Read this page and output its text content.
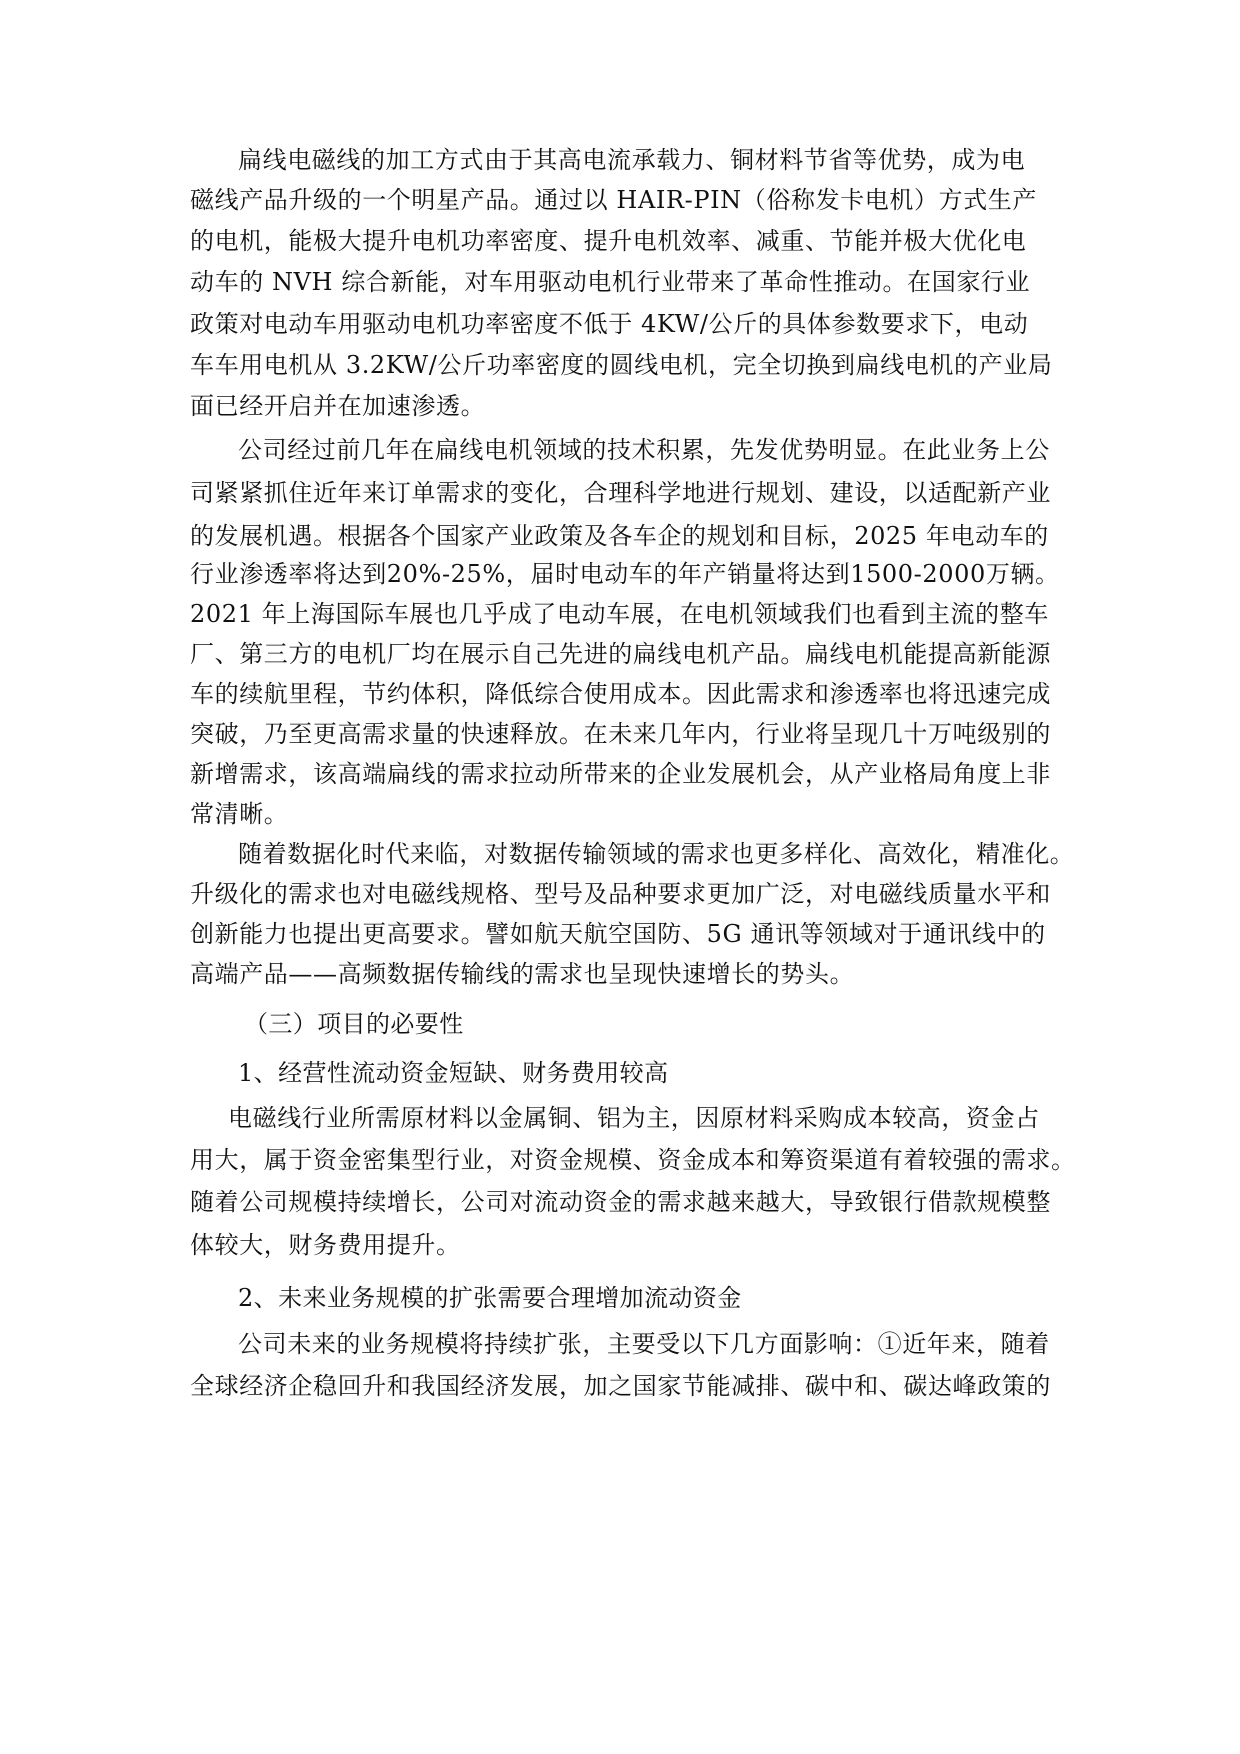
扁线电磁线的加工方式由于其高电流承载力、铜材料节省等优势，成为电
磁线产品升级的一个明星产品。通过以 HAIR-PIN（俗称发卡电机）方式生产
的电机，能极大提升电机功率密度、提升电机效率、减重、节能并极大优化电
动车的 NVH 综合新能，对车用驱动电机行业带来了革命性推动。在国家行业
政策对电动车用驱动电机功率密度不低于 4KW/公斤的具体参数要求下，电动
车车用电机从 3.2KW/公斤功率密度的圆线电机，完全切换到扁线电机的产业局
面已经开启并在加速渗透。
公司经过前几年在扁线电机领域的技术积累，先发优势明显。在此业务上公
司紧紧抓住近年来订单需求的变化，合理科学地进行规划、建设，以适配新产业
的发展机遇。根据各个国家产业政策及各车企的规划和目标，2025 年电动车的
行业渗透率将达到20%-25%，届时电动车的年产销量将达到1500-2000万辆。
2021 年上海国际车展也几乎成了电动车展，在电机领域我们也看到主流的整车
厂、第三方的电机厂均在展示自己先进的扁线电机产品。扁线电机能提高新能源
车的续航里程，节约体积，降低综合使用成本。因此需求和渗透率也将迅速完成
突破，乃至更高需求量的快速释放。在未来几年内，行业将呈现几十万吨级别的
新增需求，该高端扁线的需求拉动所带来的企业发展机会，从产业格局角度上非
常清晰。
随着数据化时代来临，对数据传输领域的需求也更多样化、高效化，精准化。
升级化的需求也对电磁线规格、型号及品种要求更加广泛，对电磁线质量水平和
创新能力也提出更高要求。譬如航天航空国防、5G 通讯等领域对于通讯线中的
高端产品——高频数据传输线的需求也呈现快速增长的势头。
（三）项目的必要性
1、经营性流动资金短缺、财务费用较高
电磁线行业所需原材料以金属铜、铝为主，因原材料采购成本较高，资金占
用大，属于资金密集型行业，对资金规模、资金成本和筹资渠道有着较强的需求。
随着公司规模持续增长，公司对流动资金的需求越来越大，导致银行借款规模整
体较大，财务费用提升。
2、未来业务规模的扩张需要合理增加流动资金
公司未来的业务规模将持续扩张，主要受以下几方面影响：①近年来，随着
全球经济企稳回升和我国经济发展，加之国家节能减排、碳中和、碳达峰政策的
